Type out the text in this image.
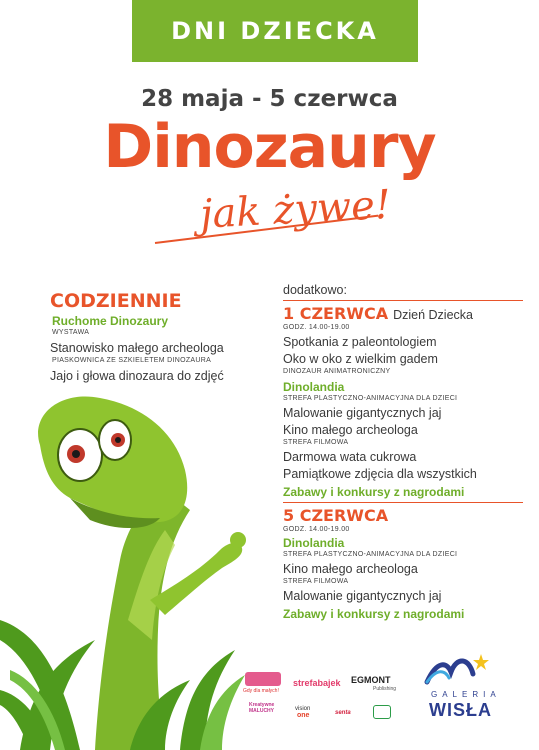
DNI DZIECKA
28 maja - 5 czerwca
Dinozaury
jak żywe!
CODZIENNIE
Ruchome Dinozaury
WYSTAWA
Stanowisko małego archeologa
PIASKOWNICA ZE SZKIELETEM DINOZAURA
Jajo i głowa dinozaura do zdjęć
dodatkowo:
1 CZERWCA Dzień Dziecka
GODZ. 14.00-19.00
Spotkania z paleontologiem
Oko w oko z wielkim gadem
DINOZAUR ANIMATRONICZNY
Dinolandia
STREFA PLASTYCZNO-ANIMACYJNA DLA DZIECI
Malowanie gigantycznych jaj
Kino małego archeologa
STREFA FILMOWA
Darmowa wata cukrowa
Pamiątkowe zdjęcia dla wszystkich
Zabawy i konkursy z nagrodami
5 CZERWCA
GODZ. 14.00-19.00
Dinolandia
STREFA PLASTYCZNO-ANIMACYJNA DLA DZIECI
Kino małego archeologa
STREFA FILMOWA
Malowanie gigantycznych jaj
Zabawy i konkursy z nagrodami
Gdy dla małych!
strefabajek EGMONT
Publishing
Kreatywne MALUCHY	vision
one	senta
GALERIA
WISŁA
